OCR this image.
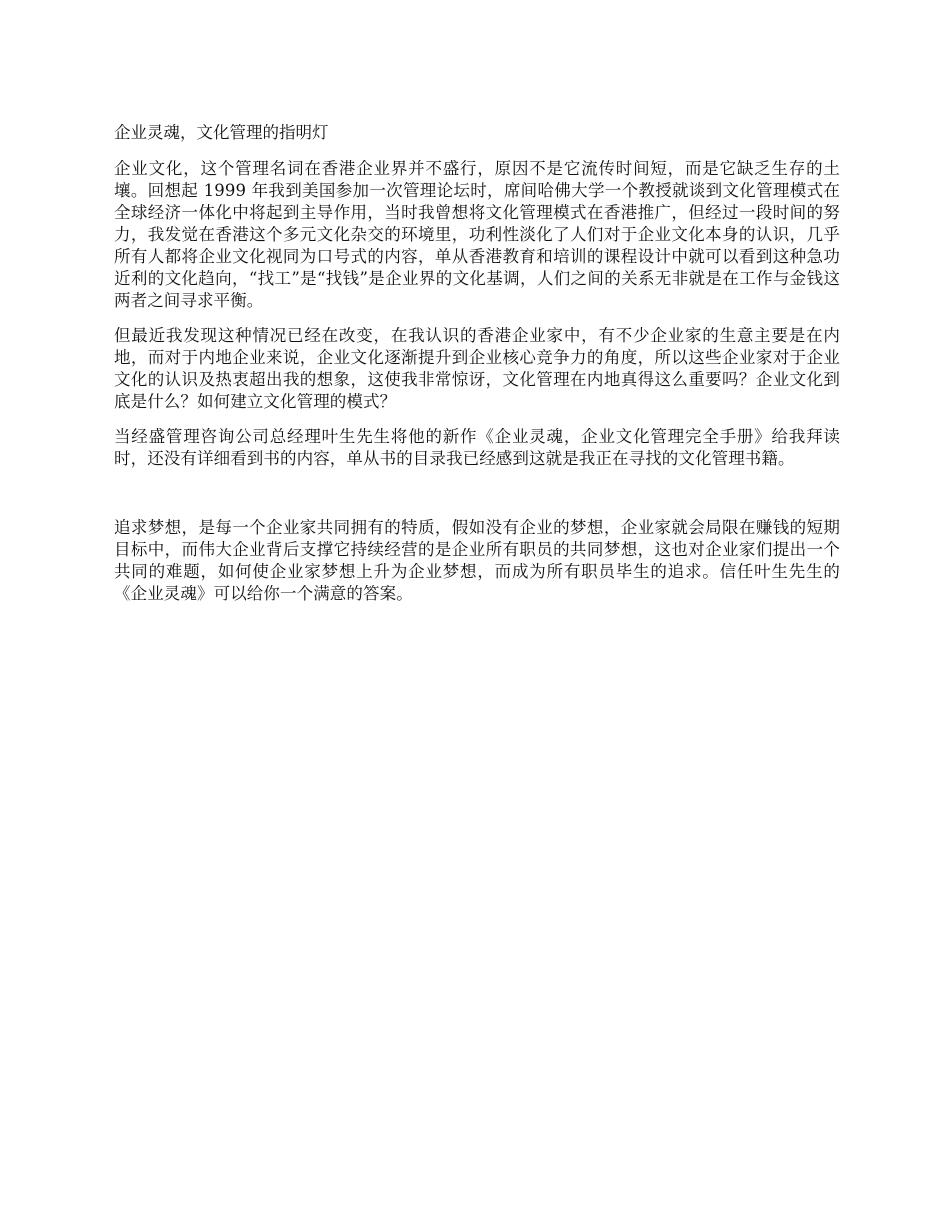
企业灵魂，文化管理的指明灯

企业文化，这个管理名词在香港企业界并不盛行，原因不是它流传时间短，而是它缺乏生存的土壤。回想起 1999 年我到美国参加一次管理论坛时，席间哈佛大学一个教授就谈到文化管理模式在全球经济一体化中将起到主导作用，当时我曾想将文化管理模式在香港推广，但经过一段时间的努力，我发觉在香港这个多元文化杂交的环境里，功利性淡化了人们对于企业文化本身的认识，几乎所有人都将企业文化视同为口号式的内容，单从香港教育和培训的课程设计中就可以看到这种急功近利的文化趋向，“找工”是“找钱”是企业界的文化基调，人们之间的关系无非就是在工作与金钱这两者之间寻求平衡。

但最近我发现这种情况已经在改变，在我认识的香港企业家中，有不少企业家的生意主要是在内地，而对于内地企业来说，企业文化逐渐提升到企业核心竞争力的角度，所以这些企业家对于企业文化的认识及热衷超出我的想象，这使我非常惊讶，文化管理在内地真得这么重要吗？企业文化到底是什么？如何建立文化管理的模式？

当经盛管理咨询公司总经理叶生先生将他的新作《企业灵魂，企业文化管理完全手册》给我拜读时，还没有详细看到书的内容，单从书的目录我已经感到这就是我正在寻找的文化管理书籍。

追求梦想，是每一个企业家共同拥有的特质，假如没有企业的梦想，企业家就会局限在赚钱的短期目标中，而伟大企业背后支撑它持续经营的是企业所有职员的共同梦想，这也对企业家们提出一个共同的难题，如何使企业家梦想上升为企业梦想，而成为所有职员毕生的追求。信任叶生先生的《企业灵魂》可以给你一个满意的答案。
